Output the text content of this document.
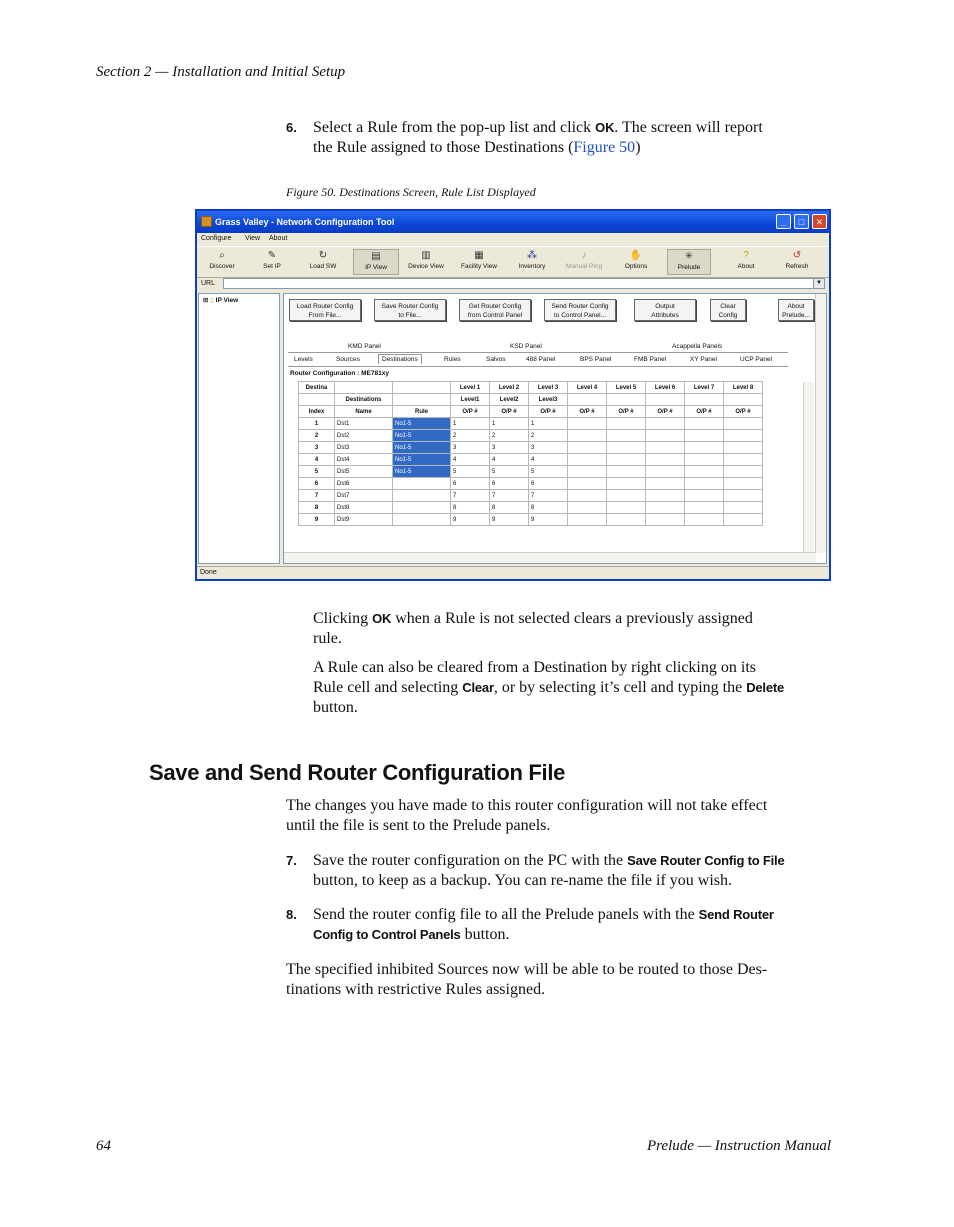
Section 2 — Installation and Initial Setup
6. Select a Rule from the pop-up list and click OK. The screen will report
the Rule assigned to those Destinations (Figure 50)
Figure 50. Destinations Screen, Rule List Displayed
Grass Valley - Network Configuration Tool	_	□	✕
Configure View About
⌕
Discover
✎
Set IP
↻
Load SW
▤
IP View
▥
Device View
▦
Facility View
⁂
Inventory
♪
Manual Ping
✋
Options
✳
Prelude
?
About
↺
Refresh
URL	▼
⊞ ▯ IP View
Load Router Config
From File...
Save Router Config
to File...
Get Router Config
from Control Panel
Send Router Config
to Control Panel...
Output
Attributes
Clear
Config
About
Prelude...
KMD Panel	KSD Panel	Acappella Panels
Levels	Sources	Destinations	Rules	Salvos	488 Panel	BPS Panel	FMB Panel	XY Panel	UCP Panel
Router Configuration : ME781xy
Destina			Level 1	Level 2	Level 3	Level 4	Level 5	Level 6	Level 7	Level 8
	Destinations		Level1	Level2	Level3					
Index	Name	Rule	O/P #	O/P #	O/P #	O/P #	O/P #	O/P #	O/P #	O/P #
1	Dst1	No1-5	1	1	1					
2	Dst2	No1-5	2	2	2					
3	Dst3	No1-5	3	3	3					
4	Dst4	No1-5	4	4	4					
5	Dst5	No1-5	5	5	5					
6	Dst6		6	6	6					
7	Dst7		7	7	7					
8	Dst8		8	8	8					
9	Dst9		9	9	9					
Done
Clicking OK when a Rule is not selected clears a previously assigned
rule.
A Rule can also be cleared from a Destination by right clicking on its
Rule cell and selecting Clear, or by selecting it’s cell and typing the Delete
button.
Save and Send Router Configuration File
The changes you have made to this router configuration will not take effect
until the file is sent to the Prelude panels.
7. Save the router configuration on the PC with the Save Router Config to File
button, to keep as a backup. You can re-name the file if you wish.
8. Send the router config file to all the Prelude panels with the Send Router
Config to Control Panels button.
The specified inhibited Sources now will be able to be routed to those Des-
tinations with restrictive Rules assigned.
64	Prelude — Instruction Manual
